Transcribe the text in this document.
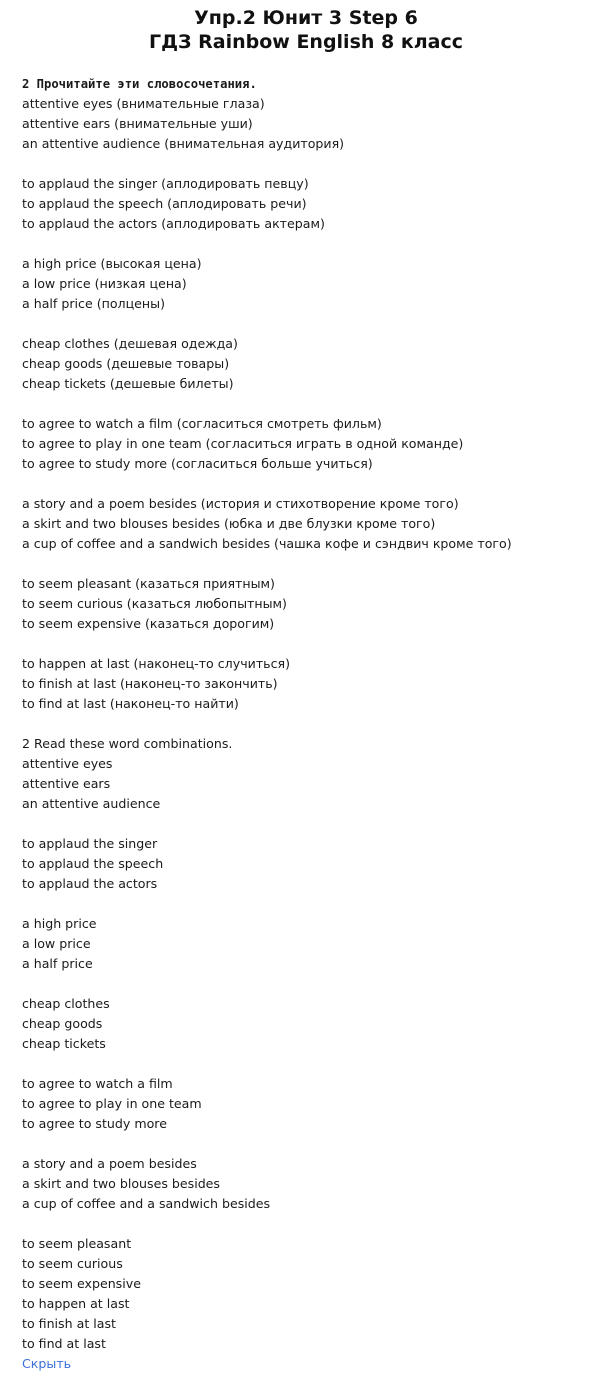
Упр.2 Юнит 3 Step 6
ГДЗ Rainbow English 8 класс
2 Прочитайте эти словосочетания.
attentive eyes (внимательные глаза)
attentive ears (внимательные уши)
an attentive audience (внимательная аудитория)
to applaud the singer (аплодировать певцу)
to applaud the speech (аплодировать речи)
to applaud the actors (аплодировать актерам)
a high price (высокая цена)
a low price (низкая цена)
a half price (полцены)
cheap clothes (дешевая одежда)
cheap goods (дешевые товары)
cheap tickets (дешевые билеты)
to agree to watch a film (согласиться смотреть фильм)
to agree to play in one team (согласиться играть в одной команде)
to agree to study more (согласиться больше учиться)
a story and a poem besides (история и стихотворение кроме того)
a skirt and two blouses besides (юбка и две блузки кроме того)
a cup of coffee and a sandwich besides (чашка кофе и сэндвич кроме того)
to seem pleasant (казаться приятным)
to seem curious (казаться любопытным)
to seem expensive (казаться дорогим)
to happen at last (наконец-то случиться)
to finish at last (наконец-то закончить)
to find at last (наконец-то найти)
2 Read these word combinations.
attentive eyes
attentive ears
an attentive audience
to applaud the singer
to applaud the speech
to applaud the actors
a high price
a low price
a half price
cheap clothes
cheap goods
cheap tickets
to agree to watch a film
to agree to play in one team
to agree to study more
a story and a poem besides
a skirt and two blouses besides
a cup of coffee and a sandwich besides
to seem pleasant
to seem curious
to seem expensive
to happen at last
to finish at last
to find at last
Скрыть
